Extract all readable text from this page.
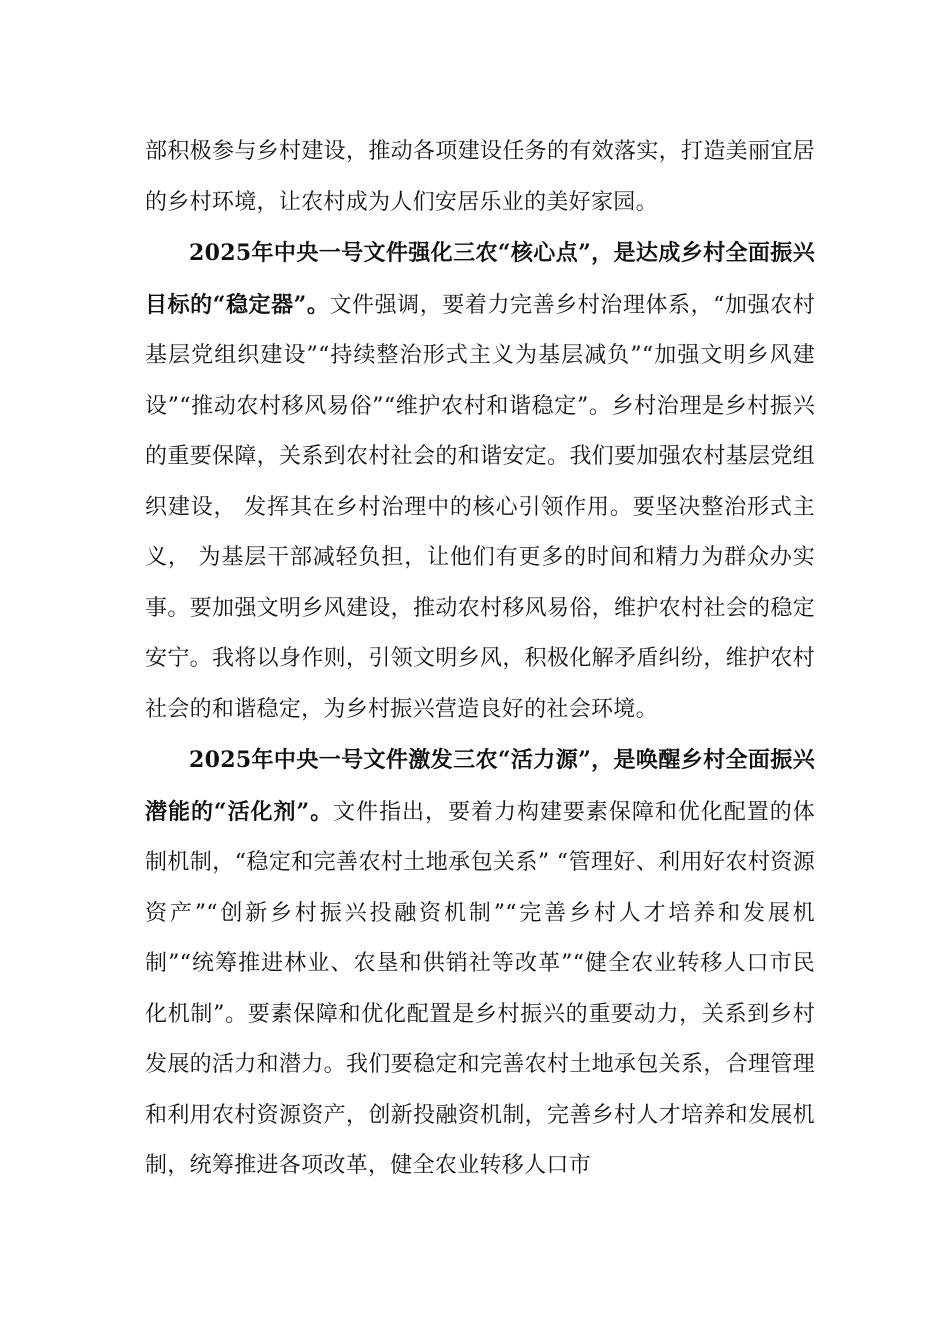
部积极参与乡村建设，推动各项建设任务的有效落实，打造美丽宜居的乡村环境，让农村成为人们安居乐业的美好家园。

2025年中央一号文件强化三农“核心点”，是达成乡村全面振兴目标的“稳定器”。文件强调，要着力完善乡村治理体系，“加强农村基层党组织建设”“持续整治形式主义为基层减负”“加强文明乡风建设”“推动农村移风易俗”“维护农村和谐稳定”。乡村治理是乡村振兴的重要保障，关系到农村社会的和谐安定。我们要加强农村基层党组织建设， 发挥其在乡村治理中的核心引领作用。要坚决整治形式主义， 为基层干部减轻负担，让他们有更多的时间和精力为群众办实事。要加强文明乡风建设，推动农村移风易俗，维护农村社会的稳定安宁。我将以身作则，引领文明乡风，积极化解矛盾纠纷，维护农村社会的和谐稳定，为乡村振兴营造良好的社会环境。

2025年中央一号文件激发三农“活力源”，是唤醒乡村全面振兴潜能的“活化剂”。文件指出，要着力构建要素保障和优化配置的体制机制，“稳定和完善农村土地承包关系” “管理好、利用好农村资源资产”“创新乡村振兴投融资机制”“完善乡村人才培养和发展机制”“统筹推进林业、农垦和供销社等改革”“健全农业转移人口市民化机制”。要素保障和优化配置是乡村振兴的重要动力，关系到乡村发展的活力和潜力。我们要稳定和完善农村土地承包关系，合理管理和利用农村资源资产，创新投融资机制，完善乡村人才培养和发展机制，统筹推进各项改革，健全农业转移人口市
